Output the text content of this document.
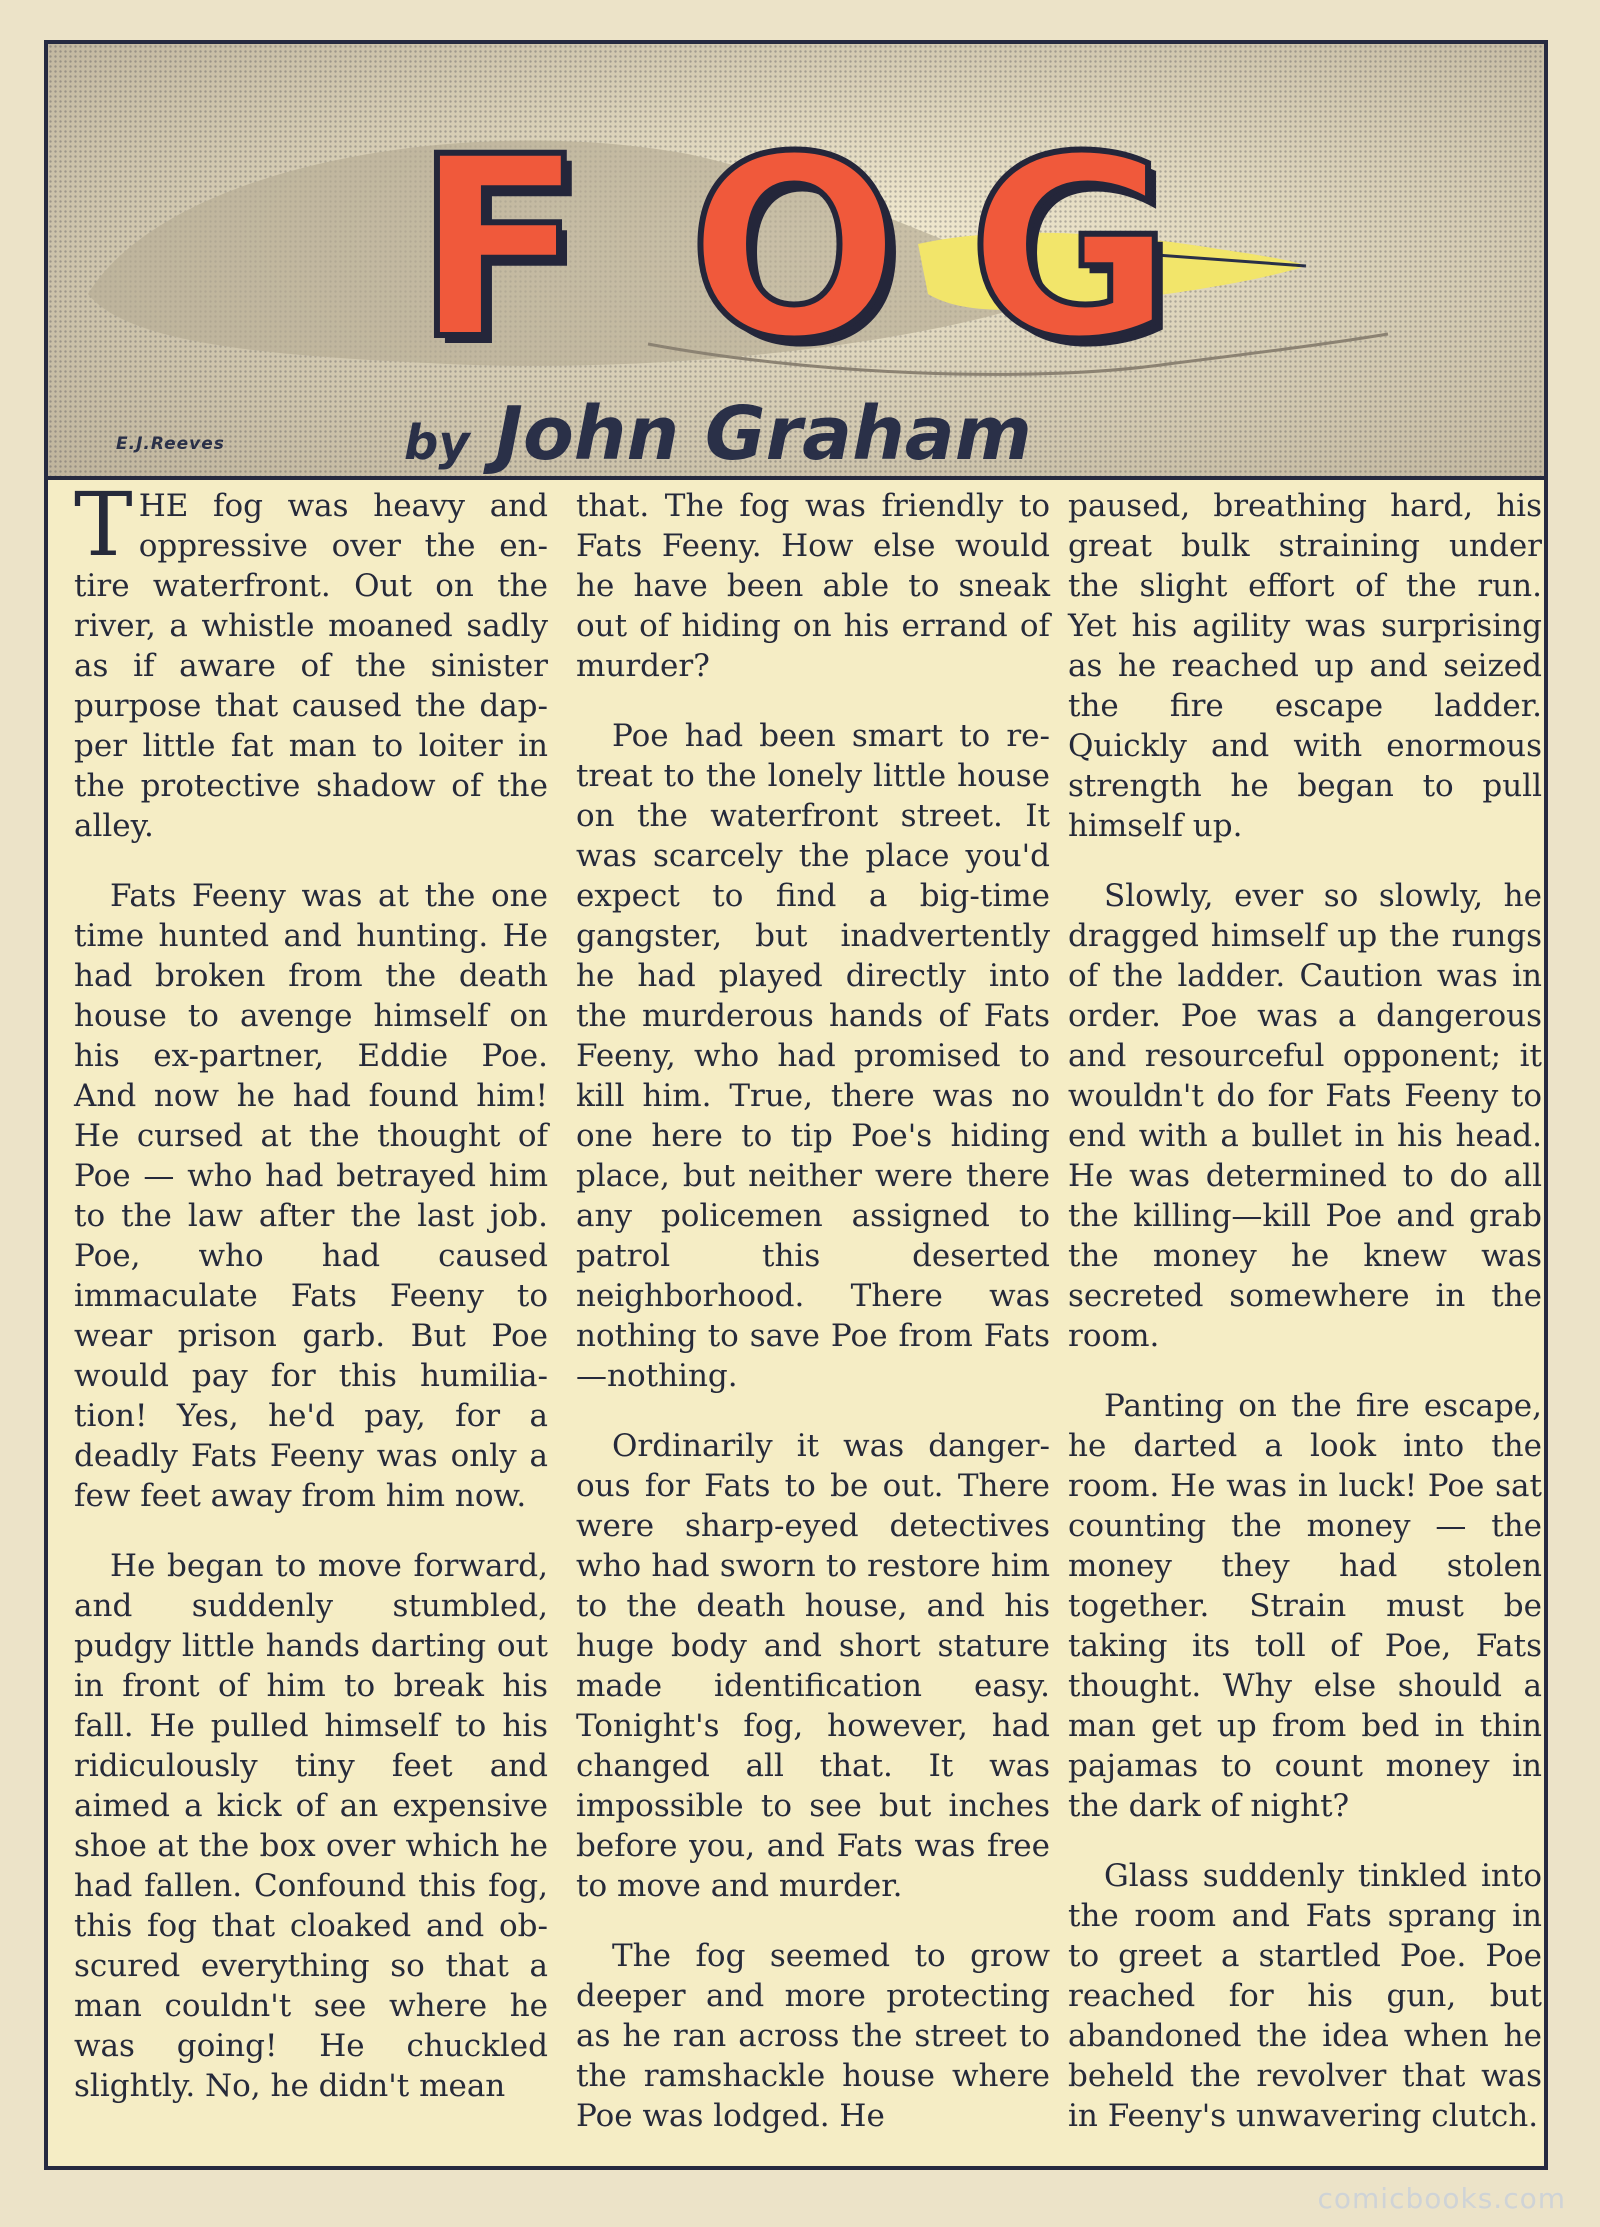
F O G
by John Graham
E.J.Reeves

THE fog was heavy and oppressive over the entire waterfront. Out on the river, a whistle moaned sadly as if aware of the sinister purpose that caused the dapper little fat man to loiter in the protective shadow of the alley.

Fats Feeny was at the one time hunted and hunting. He had broken from the death house to avenge himself on his ex-partner, Eddie Poe. And now he had found him! He cursed at the thought of Poe — who had betrayed him to the law after the last job. Poe, who had caused immaculate Fats Feeny to wear prison garb. But Poe would pay for this humiliation! Yes, he'd pay, for a deadly Fats Feeny was only a few feet away from him now.

He began to move forward, and suddenly stumbled, pudgy little hands darting out in front of him to break his fall. He pulled himself to his ridiculously tiny feet and aimed a kick of an expensive shoe at the box over which he had fallen. Confound this fog, this fog that cloaked and obscured everything so that a man couldn't see where he was going! He chuckled slightly. No, he didn't mean

that. The fog was friendly to Fats Feeny. How else would he have been able to sneak out of hiding on his errand of murder?

Poe had been smart to retreat to the lonely little house on the waterfront street. It was scarcely the place you'd expect to find a big-time gangster, but inadvertently he had played directly into the murderous hands of Fats Feeny, who had promised to kill him. True, there was no one here to tip Poe's hiding place, but neither were there any policemen assigned to patrol this deserted neighborhood. There was nothing to save Poe from Fats—nothing.

Ordinarily it was dangerous for Fats to be out. There were sharp-eyed detectives who had sworn to restore him to the death house, and his huge body and short stature made identification easy. Tonight's fog, however, had changed all that. It was impossible to see but inches before you, and Fats was free to move and murder.

The fog seemed to grow deeper and more protecting as he ran across the street to the ramshackle house where Poe was lodged. He

paused, breathing hard, his great bulk straining under the slight effort of the run. Yet his agility was surprising as he reached up and seized the fire escape ladder. Quickly and with enormous strength he began to pull himself up.

Slowly, ever so slowly, he dragged himself up the rungs of the ladder. Caution was in order. Poe was a dangerous and resourceful opponent; it wouldn't do for Fats Feeny to end with a bullet in his head. He was determined to do all the killing—kill Poe and grab the money he knew was secreted somewhere in the room.

Panting on the fire escape, he darted a look into the room. He was in luck! Poe sat counting the money — the money they had stolen together. Strain must be taking its toll of Poe, Fats thought. Why else should a man get up from bed in thin pajamas to count money in the dark of night?

Glass suddenly tinkled into the room and Fats sprang in to greet a startled Poe. Poe reached for his gun, but abandoned the idea when he beheld the revolver that was in Feeny's unwavering clutch.

comicbooks.com
